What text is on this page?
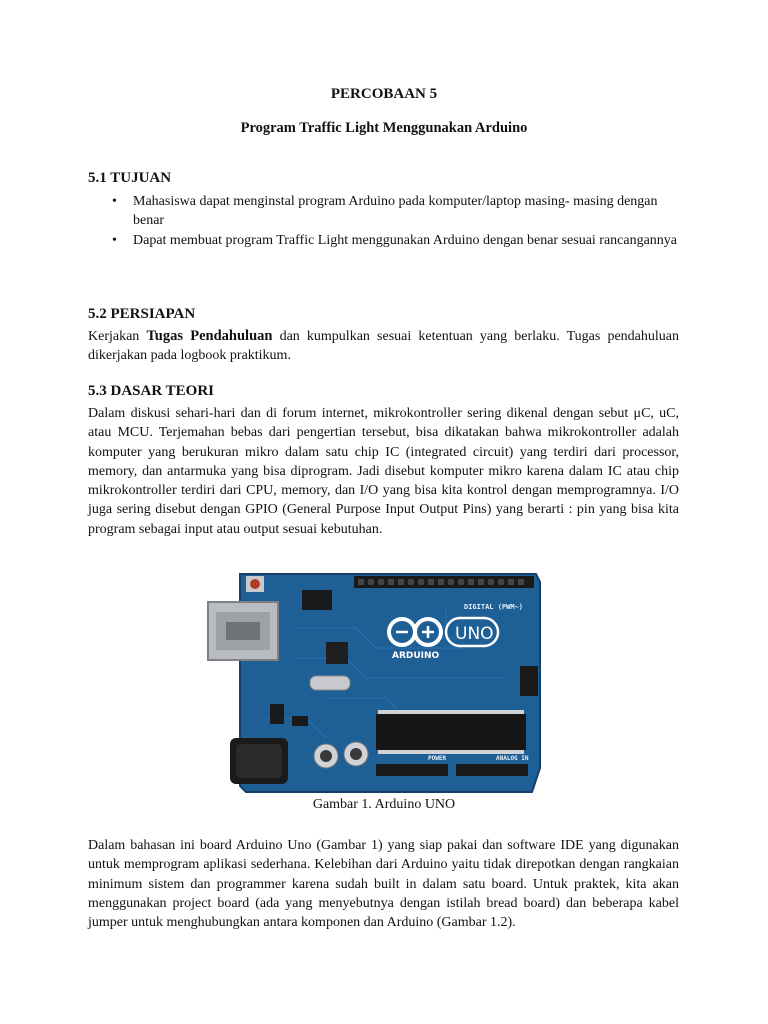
PERCOBAAN 5
Program Traffic Light Menggunakan Arduino
5.1 TUJUAN
• Mahasiswa dapat menginstal program Arduino pada komputer/laptop masing- masing dengan benar
• Dapat membuat program Traffic Light menggunakan Arduino dengan benar sesuai rancangannya
5.2 PERSIAPAN
Kerjakan Tugas Pendahuluan dan kumpulkan sesuai ketentuan yang berlaku. Tugas pendahuluan dikerjakan pada logbook praktikum.
5.3 DASAR TEORI
Dalam diskusi sehari-hari dan di forum internet, mikrokontroller sering dikenal dengan sebut μC, uC, atau MCU. Terjemahan bebas dari pengertian tersebut, bisa dikatakan bahwa mikrokontroller adalah komputer yang berukuran mikro dalam satu chip IC (integrated circuit) yang terdiri dari processor, memory, dan antarmuka yang bisa diprogram. Jadi disebut komputer mikro karena dalam IC atau chip mikrokontroller terdiri dari CPU, memory, dan I/O yang bisa kita kontrol dengan memprogramnya. I/O juga sering disebut dengan GPIO (General Purpose Input Output Pins) yang berarti : pin yang bisa kita program sebagai input atau output sesuai kebutuhan.
DIGITAL (PWM~)
UNO
ARDUINO
POWER	ANALOG IN
Gambar 1. Arduino UNO
Dalam bahasan ini board Arduino Uno (Gambar 1) yang siap pakai dan software IDE yang digunakan untuk memprogram aplikasi sederhana. Kelebihan dari Arduino yaitu tidak direpotkan dengan rangkaian minimum sistem dan programmer karena sudah built in dalam satu board. Untuk praktek, kita akan menggunakan project board (ada yang menyebutnya dengan istilah bread board) dan beberapa kabel jumper untuk menghubungkan antara komponen dan Arduino (Gambar 1.2).
